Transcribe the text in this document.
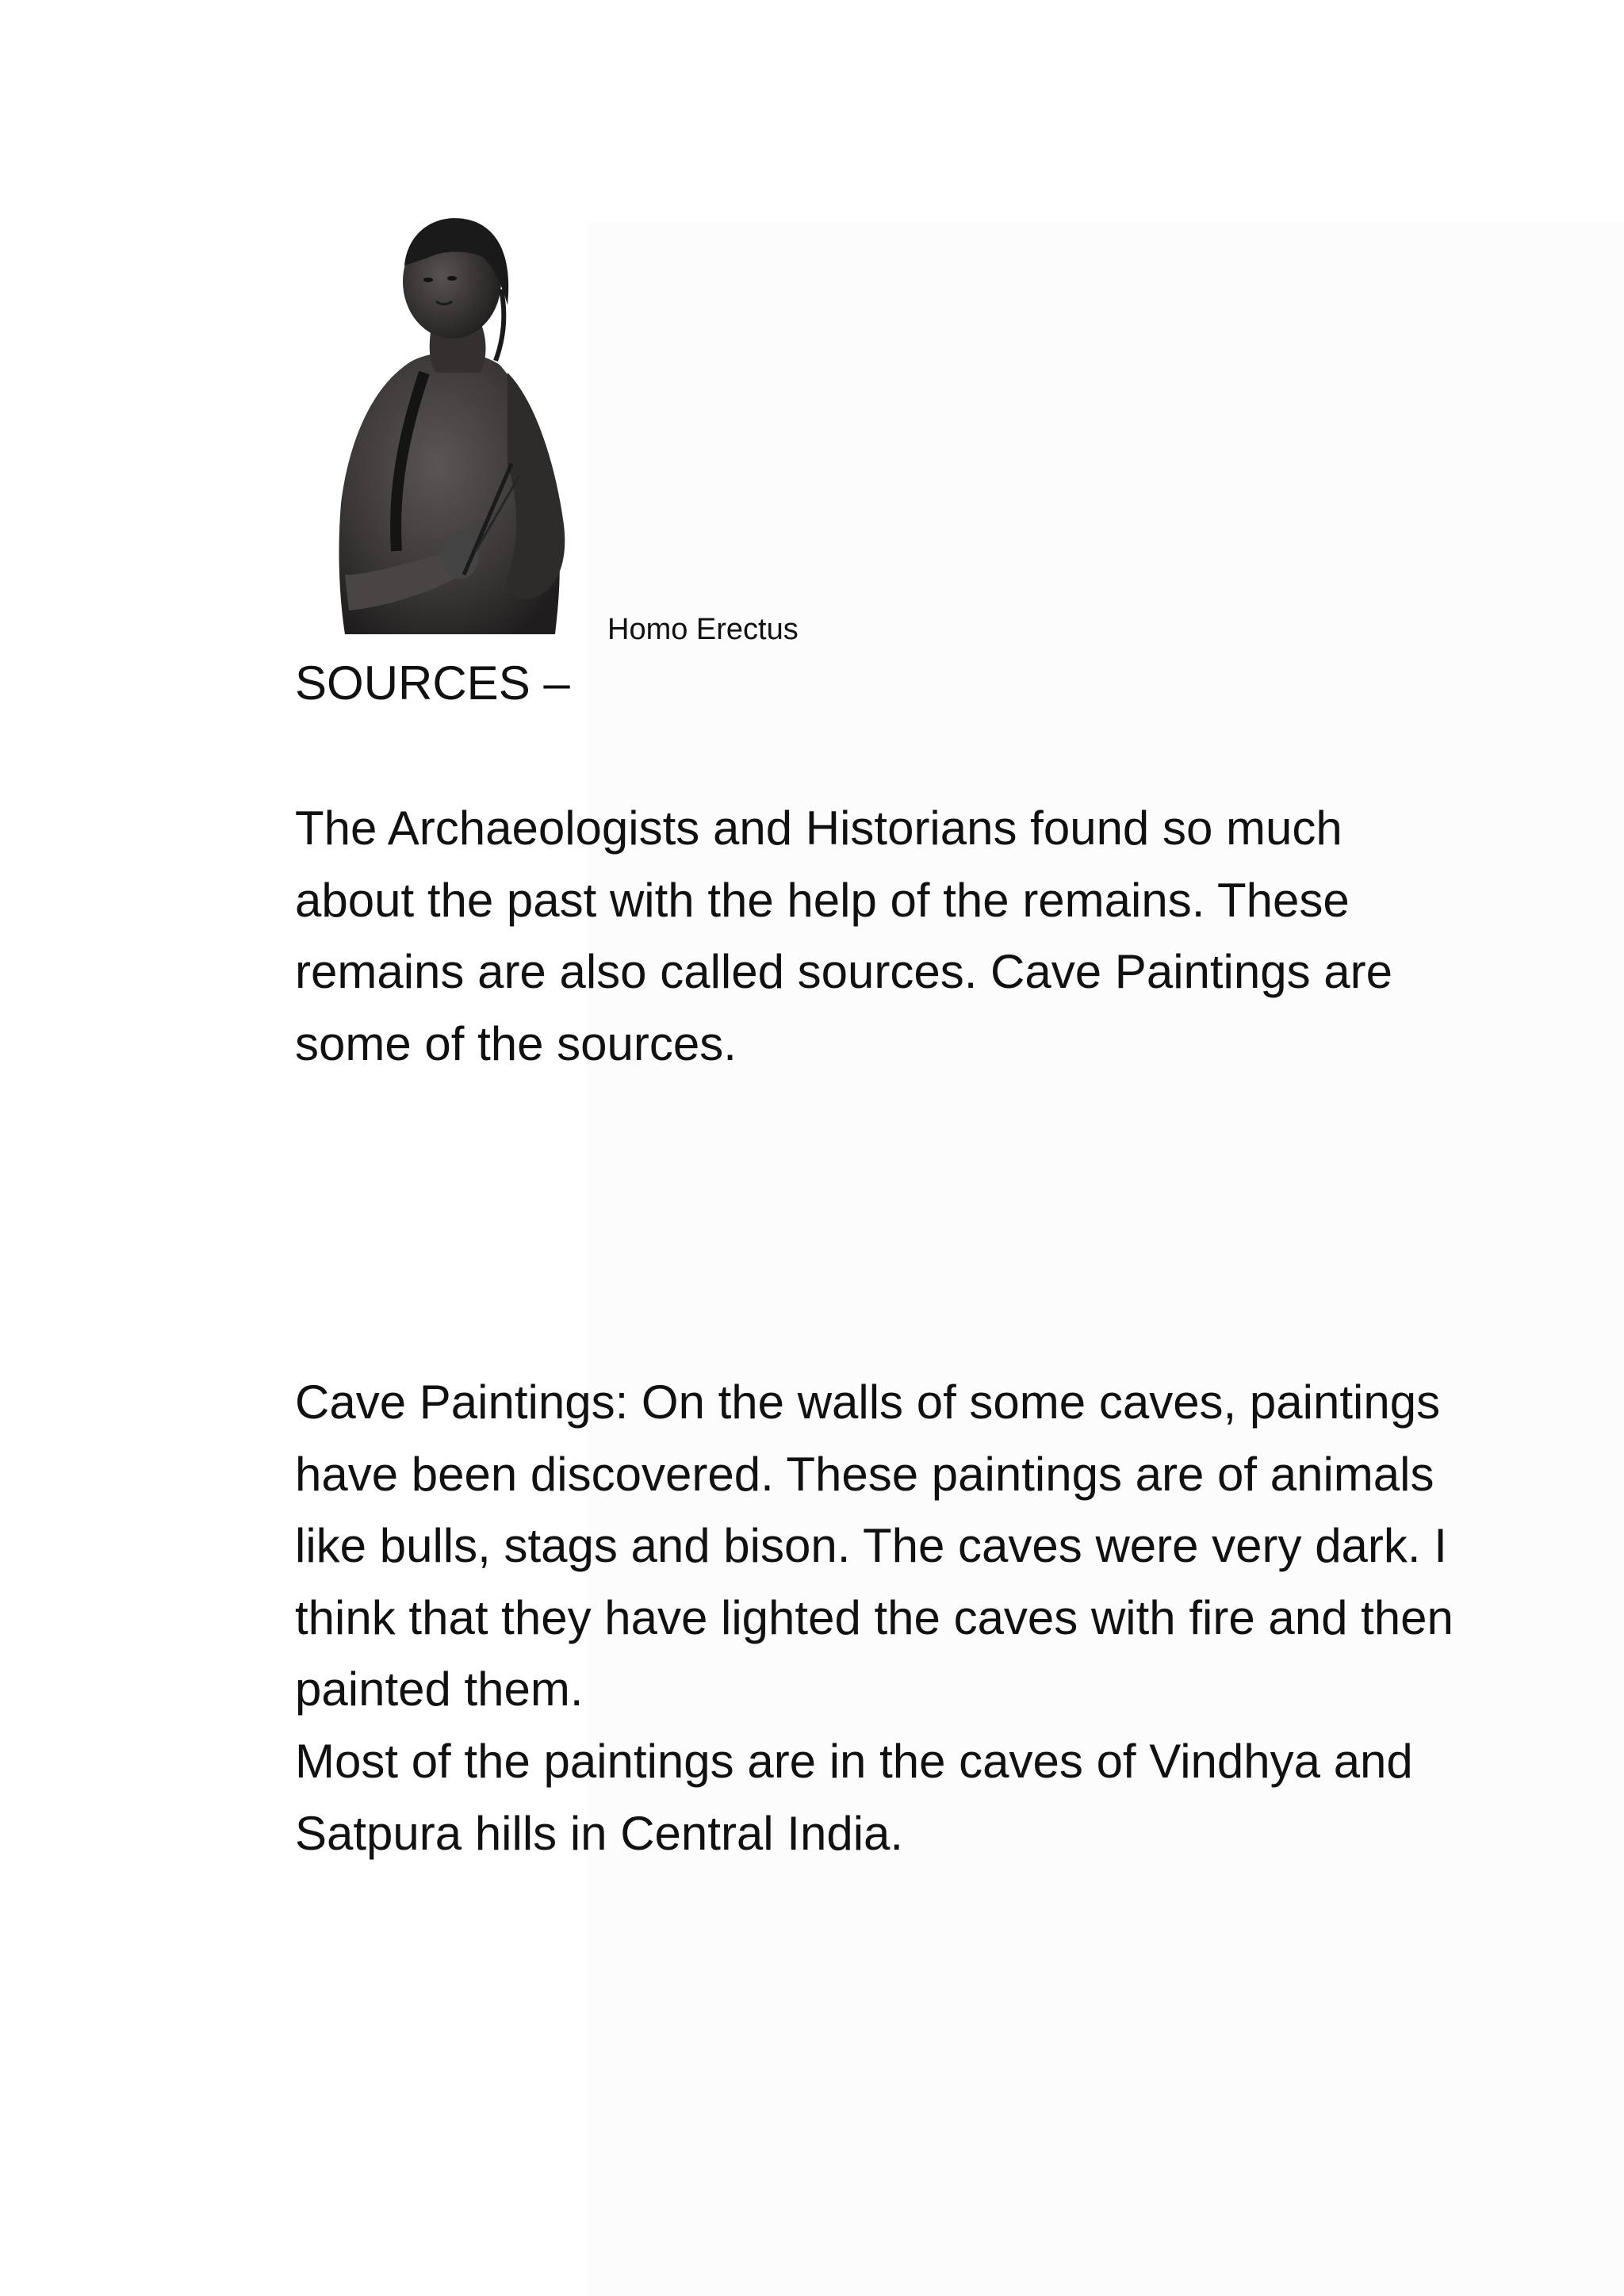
Homo Erectus
SOURCES –

The Archaeologists and Historians found so much about the past with the help of the remains. These remains are also called sources. Cave Paintings are some of the sources.

Cave Paintings: On the walls of some caves, paintings have been discovered. These paintings are of animals like bulls, stags and bison. The caves were very dark. I think that they have lighted the caves with fire and then painted them.

Most of the paintings are in the caves of Vindhya and Satpura hills in Central India.
